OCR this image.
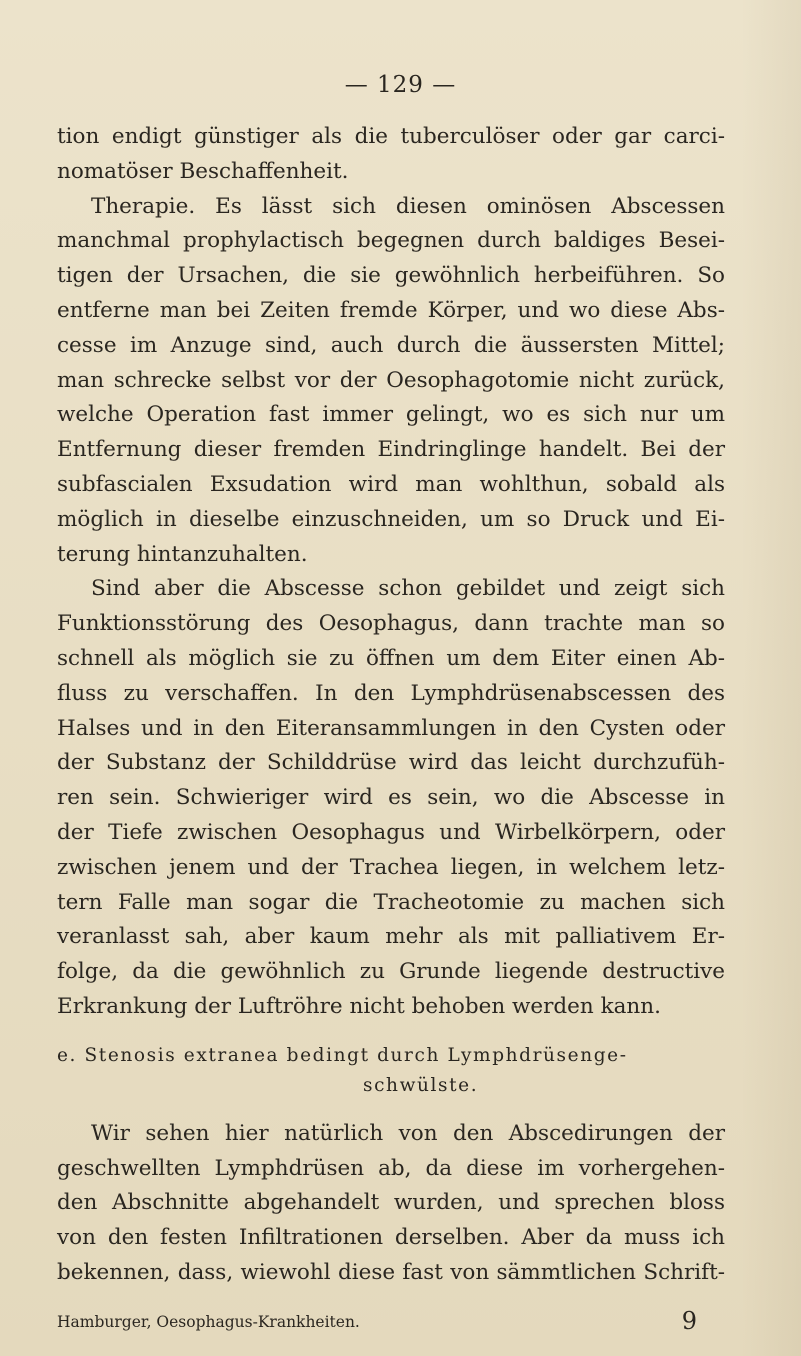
— 129 —
tion endigt günstiger als die tuberculöser oder gar carci-
nomatöser Beschaffenheit.
Therapie. Es lässt sich diesen ominösen Abscessen
manchmal prophylactisch begegnen durch baldiges Besei-
tigen der Ursachen, die sie gewöhnlich herbeiführen. So
entferne man bei Zeiten fremde Körper, und wo diese Abs-
cesse im Anzuge sind, auch durch die äussersten Mittel;
man schrecke selbst vor der Oesophagotomie nicht zurück,
welche Operation fast immer gelingt, wo es sich nur um
Entfernung dieser fremden Eindringlinge handelt. Bei der
subfascialen Exsudation wird man wohlthun, sobald als
möglich in dieselbe einzuschneiden, um so Druck und Ei-
terung hintanzuhalten.
Sind aber die Abscesse schon gebildet und zeigt sich
Funktionsstörung des Oesophagus, dann trachte man so
schnell als möglich sie zu öffnen um dem Eiter einen Ab-
fluss zu verschaffen. In den Lymphdrüsenabscessen des
Halses und in den Eiteransammlungen in den Cysten oder
der Substanz der Schilddrüse wird das leicht durchzufüh-
ren sein. Schwieriger wird es sein, wo die Abscesse in
der Tiefe zwischen Oesophagus und Wirbelkörpern, oder
zwischen jenem und der Trachea liegen, in welchem letz-
tern Falle man sogar die Tracheotomie zu machen sich
veranlasst sah, aber kaum mehr als mit palliativem Er-
folge, da die gewöhnlich zu Grunde liegende destructive
Erkrankung der Luftröhre nicht behoben werden kann.
e. Stenosis extranea bedingt durch Lymphdrüsenge-
schwülste.
Wir sehen hier natürlich von den Abscedirungen der
geschwellten Lymphdrüsen ab, da diese im vorhergehen-
den Abschnitte abgehandelt wurden, und sprechen bloss
von den festen Infiltrationen derselben. Aber da muss ich
bekennen, dass, wiewohl diese fast von sämmtlichen Schrift-
Hamburger, Oesophagus-Krankheiten.	9
